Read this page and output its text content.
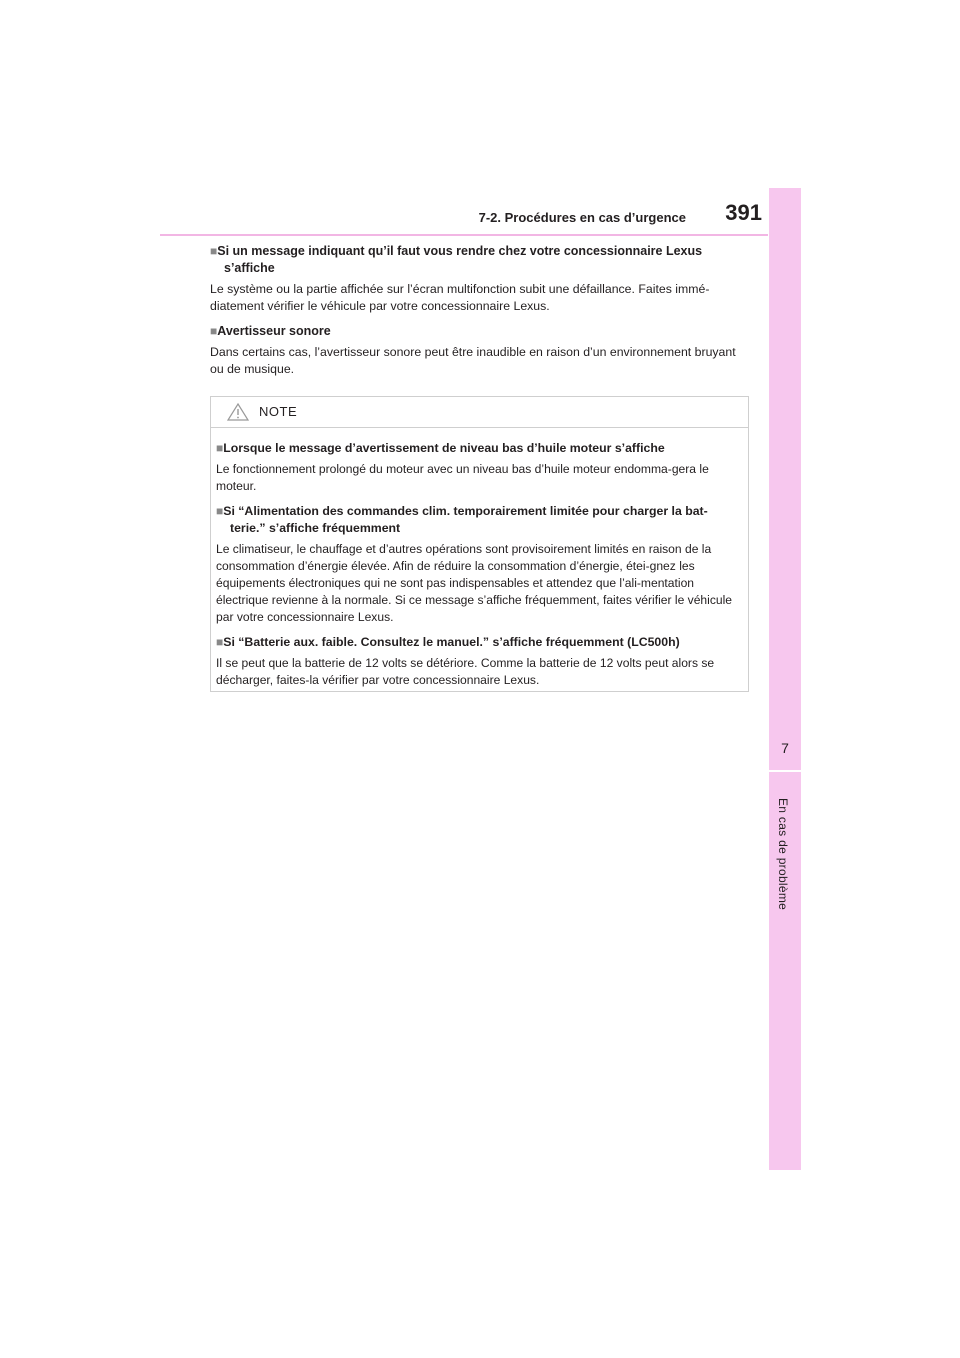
7-2. Procédures en cas d’urgence 391
7
En cas de problème

■Si un message indiquant qu’il faut vous rendre chez votre concessionnaire Lexus s’affiche

Le système ou la partie affichée sur l’écran multifonction subit une défaillance. Faites immé-diatement vérifier le véhicule par votre concessionnaire Lexus.

■Avertisseur sonore

Dans certains cas, l’avertisseur sonore peut être inaudible en raison d’un environnement bruyant ou de musique.

NOTE

■Lorsque le message d’avertissement de niveau bas d’huile moteur s’affiche

Le fonctionnement prolongé du moteur avec un niveau bas d’huile moteur endomma-gera le moteur.

■Si “Alimentation des commandes clim. temporairement limitée pour charger la bat-terie.” s’affiche fréquemment

Le climatiseur, le chauffage et d’autres opérations sont provisoirement limités en raison de la consommation d’énergie élevée. Afin de réduire la consommation d’énergie, étei-gnez les équipements électroniques qui ne sont pas indispensables et attendez que l’ali-mentation électrique revienne à la normale. Si ce message s’affiche fréquemment, faites vérifier le véhicule par votre concessionnaire Lexus.

■Si “Batterie aux. faible. Consultez le manuel.” s’affiche fréquemment (LC500h)

Il se peut que la batterie de 12 volts se détériore. Comme la batterie de 12 volts peut alors se décharger, faites-la vérifier par votre concessionnaire Lexus.
